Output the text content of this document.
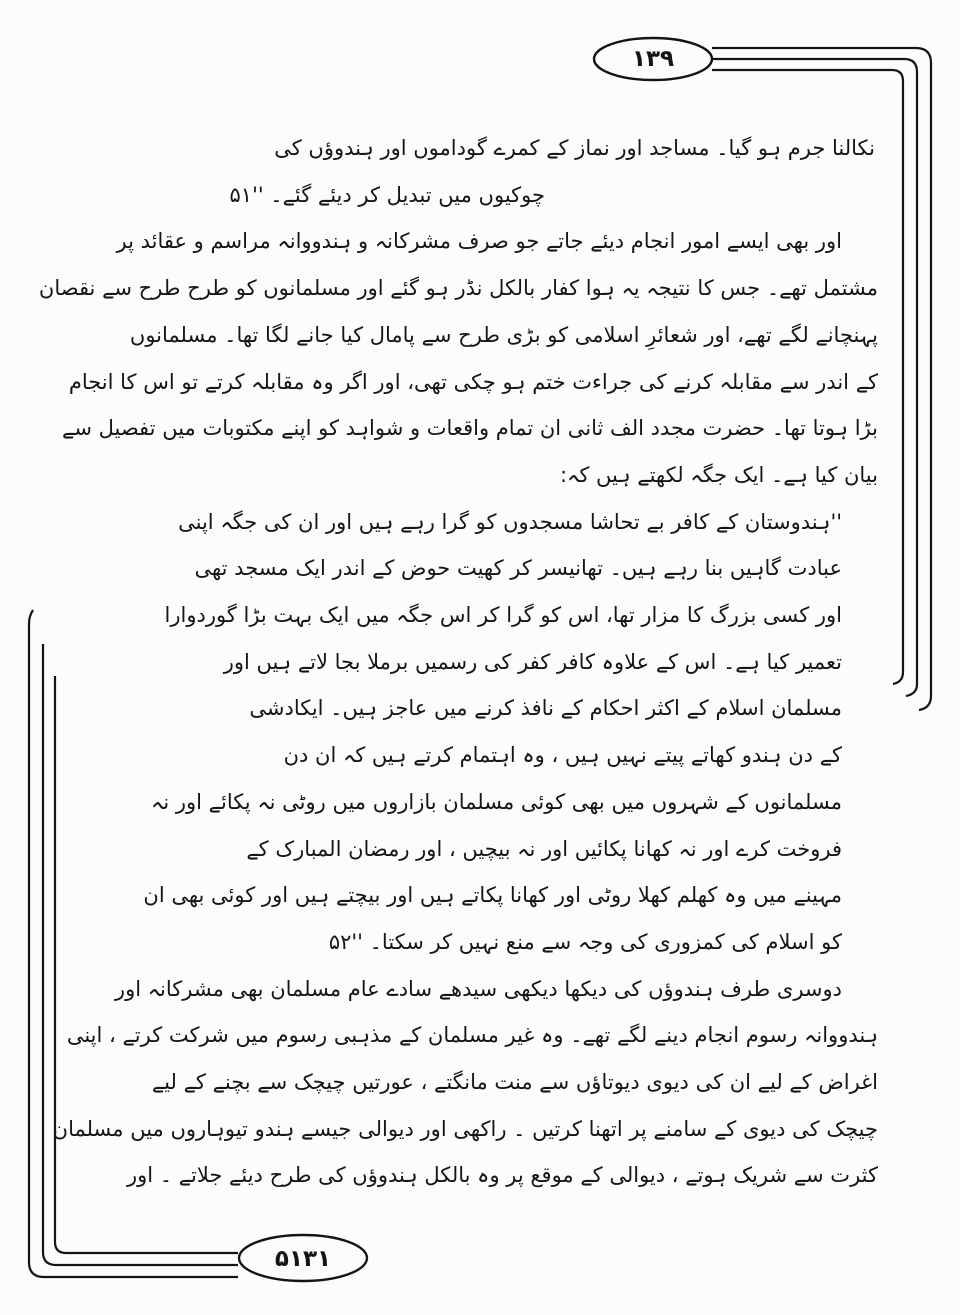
۱۳۹
۵۱۳۱
نکالنا جرم ہو گیا۔ مساجد اور نماز کے کمرے گوداموں اور ہندوؤں کی
چوکیوں میں تبدیل کر دیئے گئے۔ ''۵۱
اور بھی ایسے امور انجام دیئے جاتے جو صرف مشرکانہ و ہندووانہ مراسم و عقائد پر
مشتمل تھے۔ جس کا نتیجہ یہ ہوا کفار بالکل نڈر ہو گئے اور مسلمانوں کو طرح طرح سے نقصان
پہنچانے لگے تھے، اور شعائرِ اسلامی کو بڑی طرح سے پامال کیا جانے لگا تھا۔ مسلمانوں
کے اندر سے مقابلہ کرنے کی جراءت ختم ہو چکی تھی، اور اگر وہ مقابلہ کرتے تو اس کا انجام
بڑا ہوتا تھا۔ حضرت مجدد الف ثانی ان تمام واقعات و شواہد کو اپنے مکتوبات میں تفصیل سے
بیان کیا ہے۔ ایک جگہ لکھتے ہیں کہ:
''ہندوستان کے کافر بے تحاشا مسجدوں کو گرا رہے ہیں اور ان کی جگہ اپنی
عبادت گاہیں بنا رہے ہیں۔ تھانیسر کر کھیت حوض کے اندر ایک مسجد تھی
اور کسی بزرگ کا مزار تھا، اس کو گرا کر اس جگہ میں ایک بہت بڑا گوردوارا
تعمیر کیا ہے۔ اس کے علاوہ کافر کفر کی رسمیں برملا بجا لاتے ہیں اور
مسلمان اسلام کے اکثر احکام کے نافذ کرنے میں عاجز ہیں۔ ایکادشی
کے دن ہندو کھاتے پیتے نہیں ہیں ، وہ اہتمام کرتے ہیں کہ ان دن
مسلمانوں کے شہروں میں بھی کوئی مسلمان بازاروں میں روٹی نہ پکائے اور نہ
فروخت کرے اور نہ کھانا پکائیں اور نہ بیچیں ، اور رمضان المبارک کے
مہینے میں وہ کھلم کھلا روٹی اور کھانا پکاتے ہیں اور بیچتے ہیں اور کوئی بھی ان
کو اسلام کی کمزوری کی وجہ سے منع نہیں کر سکتا۔ ''۵۲
دوسری طرف ہندوؤں کی دیکھا دیکھی سیدھے سادے عام مسلمان بھی مشرکانہ اور
ہندووانہ رسوم انجام دینے لگے تھے۔ وہ غیر مسلمان کے مذہبی رسوم میں شرکت کرتے ، اپنی
اغراض کے لیے ان کی دیوی دیوتاؤں سے منت مانگتے ، عورتیں چیچک سے بچنے کے لیے
چیچک کی دیوی کے سامنے پر اتھنا کرتیں ۔ راکھی اور دیوالی جیسے ہندو تیوہاروں میں مسلمان
کثرت سے شریک ہوتے ، دیوالی کے موقع پر وہ بالکل ہندوؤں کی طرح دیئے جلاتے ۔ اور
